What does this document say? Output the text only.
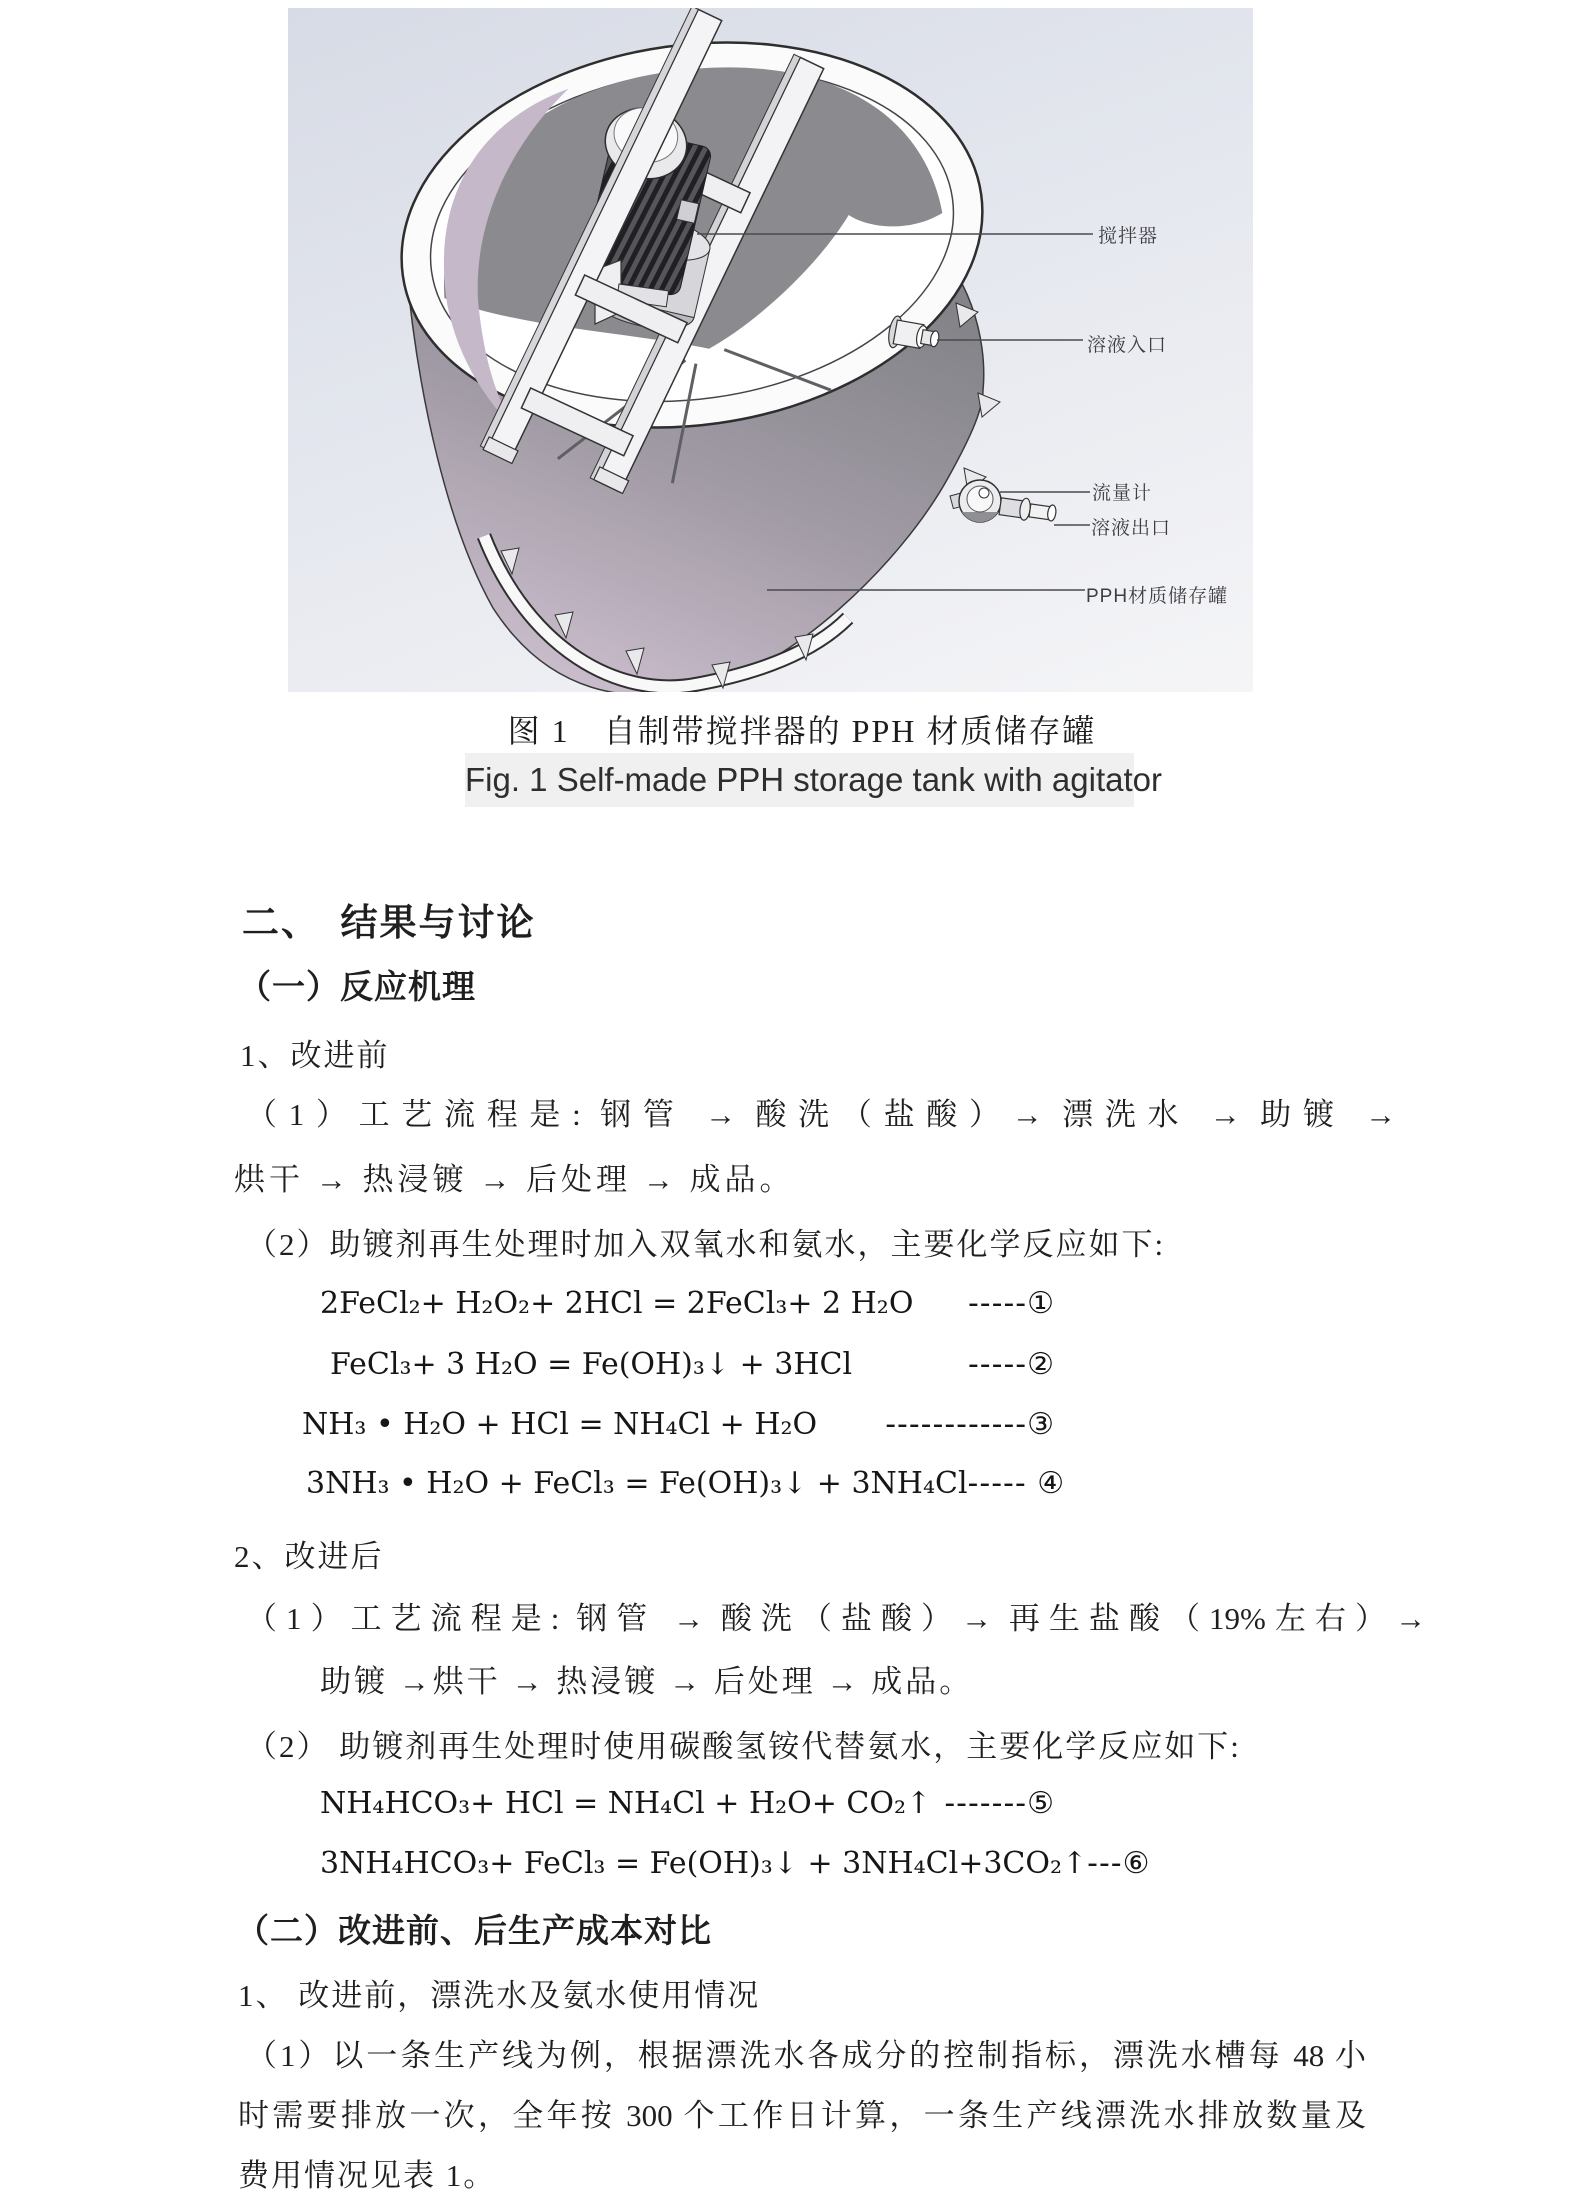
搅拌器
溶液入口
流量计
溶液出口
PPH材质储存罐
图 1　自制带搅拌器的 PPH 材质储存罐
Fig. 1 Self-made PPH storage tank with agitator
二、　结果与讨论
（一）反应机理
1、改进前
（1）工艺流程是: 钢管 → 酸洗（盐酸）→ 漂洗水 → 助镀 →
烘干 → 热浸镀 → 后处理 → 成品。
（2）助镀剂再生处理时加入双氧水和氨水，主要化学反应如下:
2FeCl₂+ H₂O₂+ 2HCl = 2FeCl₃+ 2 H₂O -----①
FeCl₃+ 3 H₂O = Fe(OH)₃↓ + 3HCl	-----②
NH₃ • H₂O + HCl = NH₄Cl + H₂O ------------③
3NH₃ • H₂O + FeCl₃ = Fe(OH)₃↓ + 3NH₄Cl ----- ④
2、改进后
（1）工艺流程是: 钢管 → 酸洗（盐酸）→ 再生盐酸（19%左右）→
助镀 →烘干 → 热浸镀 → 后处理 → 成品。
（2） 助镀剂再生处理时使用碳酸氢铵代替氨水，主要化学反应如下:
NH₄HCO₃+ HCl = NH₄Cl + H₂O+ CO₂↑ -------⑤
3NH₄HCO₃+ FeCl₃ = Fe(OH)₃↓ + 3NH₄Cl+3CO₂↑ ---⑥
（二）改进前、后生产成本对比
1、 改进前，漂洗水及氨水使用情况
（1）以一条生产线为例，根据漂洗水各成分的控制指标，漂洗水槽每 48 小
时需要排放一次，全年按 300 个工作日计算，一条生产线漂洗水排放数量及
费用情况见表 1。
